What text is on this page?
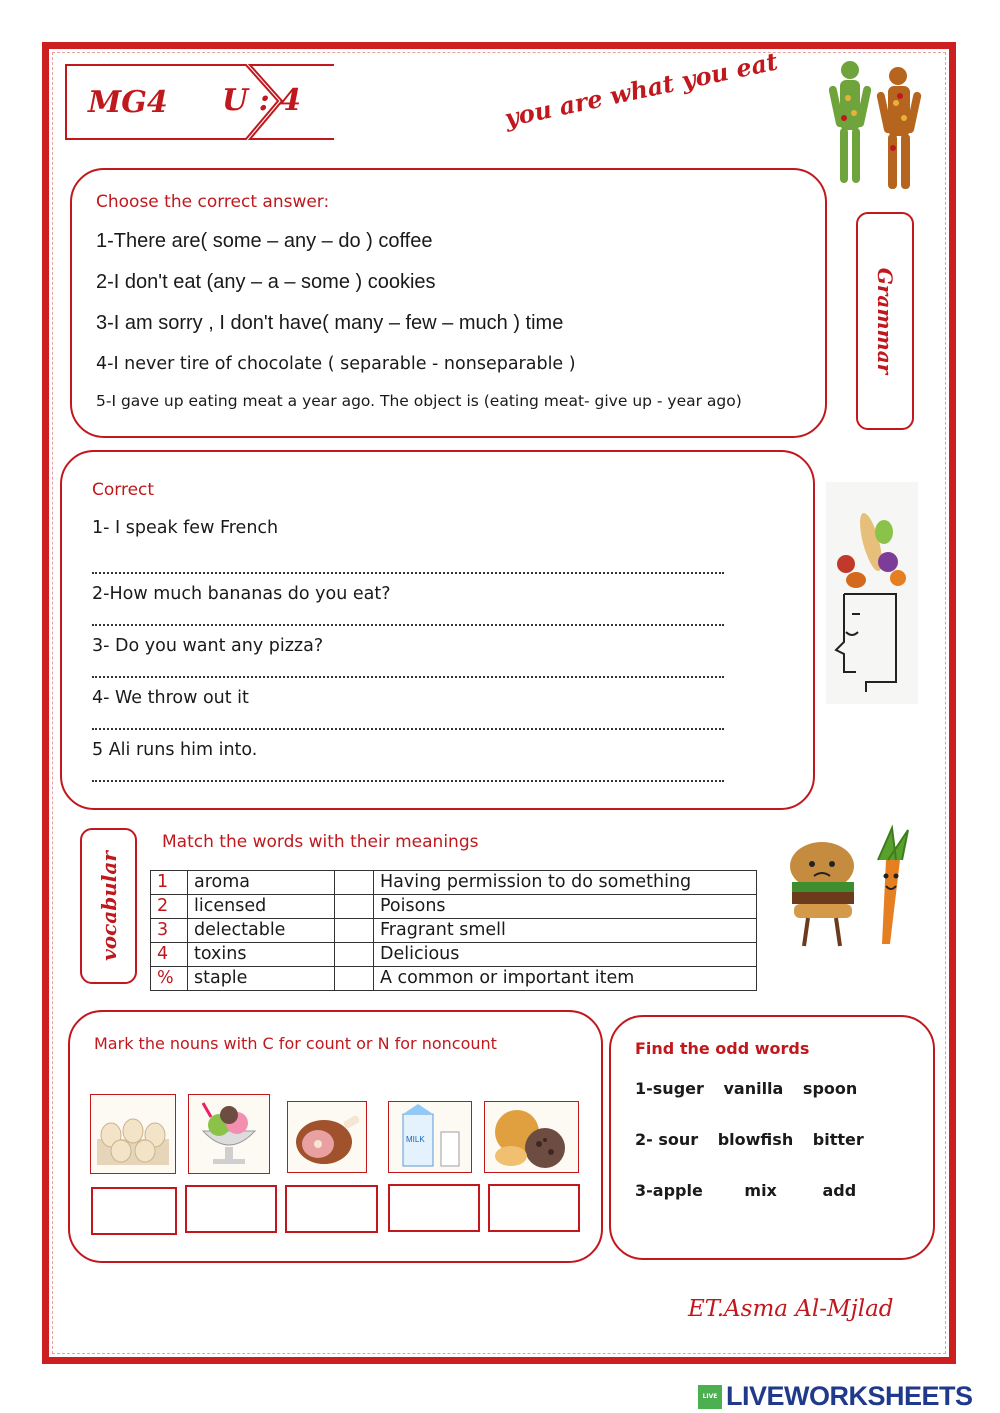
MG4 U : 4	you are what you eat
Choose the correct answer:
1-There are( some – any – do ) coffee
2-I don't eat (any – a – some ) cookies
3-I am sorry , I don't have( many – few – much ) time
4-I never tire of chocolate ( separable - nonseparable )
5-I gave up eating meat a year ago. The object is (eating meat- give up - year ago)
Grammar
Correct
1- I speak few French
2-How much bananas do you eat?
3- Do you want any pizza?
4- We throw out it
5 Ali runs him into.
vocabular
Match the words with their meanings
1	aroma		Having permission to do something
2	licensed		Poisons
3	delectable		Fragrant smell
4	toxins		Delicious
%	staple		A common or important item
Mark the nouns with C for count or N for noncount
MILK
Find the odd words
1-suger vanilla spoon
2- sour blowfish bitter
3-apple	mix	add
ET.Asma Al-Mjlad
LIVE LIVEWORKSHEETS
